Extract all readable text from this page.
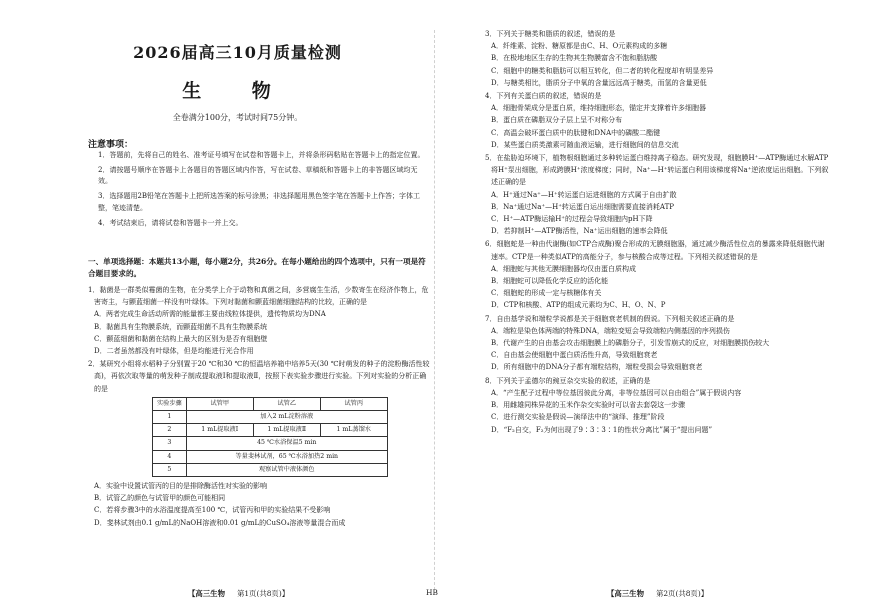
2026届高三10月质量检测
生 物
全卷满分100分，考试时间75分钟。
注意事项：
1．答题前，先将自己的姓名、准考证号填写在试卷和答题卡上，并将条形码粘贴在答题卡上的指定位置。
2．请按题号顺序在答题卡上各题目的答题区域内作答，写在试卷、草稿纸和答题卡上的非答题区域均无效。
3．选择题用2B铅笔在答题卡上把所选答案的标号涂黑；非选择题用黑色签字笔在答题卡上作答；字体工整，笔迹清楚。
4．考试结束后，请将试卷和答题卡一并上交。
一、单项选择题：本题共13小题，每小题2分，共26分。在每小题给出的四个选项中，只有一项是符合题目要求的。
1．黏菌是一群类似霉菌的生物，在分类学上介于动物和真菌之间，多营腐生生活，少数寄生在经济作物上，危害寄主，与颤蓝细菌一样没有叶绿体。下列对黏菌和颤蓝细菌细胞结构的比较，正确的是
A．两者完成生命活动所需的能量都主要由线粒体提供，遗传物质均为DNA
B．黏菌具有生物膜系统，而颤蓝细菌不具有生物膜系统
C．颤蓝细菌和黏菌在结构上最大的区别为是否有细胞壁
D．二者虽然都没有叶绿体，但是均能进行光合作用
2．某研究小组将水稻种子分别置于20 ℃和30 ℃的恒温培养箱中培养5天(30 ℃时萌发的种子的淀粉酶活性较高)，再依次取等量的萌发种子制成提取液Ⅰ和提取液Ⅱ，按照下表实验步骤进行实验。下列对实验的分析正确的是
实验步骤	试管甲	试管乙	试管丙
1	加入2 mL淀粉溶液		
2	1 mL提取液Ⅰ	1 mL提取液Ⅱ	1 mL蒸馏水
3	45 ℃水浴保温5 min		
4	等量斐林试剂，65 ℃水浴加热2 min		
5	观察试管中液体颜色		
A．实验中设置试管丙的目的是排除酶活性对实验的影响
B．试管乙的颜色与试管甲的颜色可能相同
C．若将步骤3中的水浴温度提高至100 ℃，试管丙和甲的实验结果不受影响
D．斐林试剂由0.1 g/mL的NaOH溶液和0.01 g/mL的CuSO₄溶液等量混合而成
【高三生物 第1页(共8页)】	HB
3．下列关于糖类和脂质的叙述，错误的是
A．纤维素、淀粉、糖原都是由C、H、O元素构成的多糖
B．在极地地区生存的生物其生物膜富含不饱和脂肪酸
C．细胞中的糖类和脂肪可以相互转化，但二者的转化程度却有明显差异
D．与糖类相比，脂质分子中氧的含量远远高于糖类，而氢的含量更低
4．下列有关蛋白质的叙述，错误的是
A．细胞骨架成分是蛋白质，维持细胞形态，锚定并支撑着许多细胞器
B．蛋白质在磷脂双分子层上呈不对称分布
C．高温会破坏蛋白质中的肽键和DNA中的磷酸二酯键
D．某些蛋白质类激素可随血液运输，进行细胞间的信息交流
5．在盐胁迫环境下，植物根细胞通过多种转运蛋白维持离子稳态。研究发现，细胞膜H⁺—ATP酶通过水解ATP将H⁺泵出细胞，形成跨膜H⁺浓度梯度；同时，Na⁺—H⁺转运蛋白利用该梯度将Na⁺逆浓度运出细胞。下列叙述正确的是
A．H⁺通过Na⁺—H⁺转运蛋白运进细胞的方式属于自由扩散
B．Na⁺通过Na⁺—H⁺转运蛋白运出细胞需要直接消耗ATP
C．H⁺—ATP酶运输H⁺的过程会导致细胞内pH下降
D．若抑制H⁺—ATP酶活性，Na⁺运出细胞的速率会降低
6．细胞蛇是一种由代谢酶(如CTP合成酶)聚合形成的无膜细胞器，通过减少酶活性位点的暴露来降低细胞代谢速率。CTP是一种类似ATP的高能分子，参与核酸合成等过程。下列相关叙述错误的是
A．细胞蛇与其他无膜细胞器均仅由蛋白质构成
B．细胞蛇可以降低化学反应的活化能
C．细胞蛇的形成一定与核糖体有关
D．CTP和核酸、ATP的组成元素均为C、H、O、N、P
7．自由基学说和端粒学说都是关于细胞衰老机制的假说。下列相关叙述正确的是
A．端粒是染色体两端的特殊DNA，端粒变短会导致端粒内侧基因的序列损伤
B．代谢产生的自由基会攻击细胞膜上的磷脂分子，引发雪崩式的反应，对细胞膜损伤较大
C．自由基会使细胞中蛋白质活性升高，导致细胞衰老
D．所有细胞中的DNA分子都有端粒结构，端粒受损会导致细胞衰老
8．下列关于孟德尔的豌豆杂交实验的叙述，正确的是
A．“产生配子过程中等位基因彼此分离，非等位基因可以自由组合”属于假说内容
B．用雌雄同株异花的玉米作杂交实验时可以省去套袋这一步骤
C．进行测交实验是假说—演绎法中的“演绎、推理”阶段
D．“F₂自交，F₂为何出现了9∶3∶3∶1的性状分离比”属于“提出问题”
【高三生物 第2页(共8页)】
